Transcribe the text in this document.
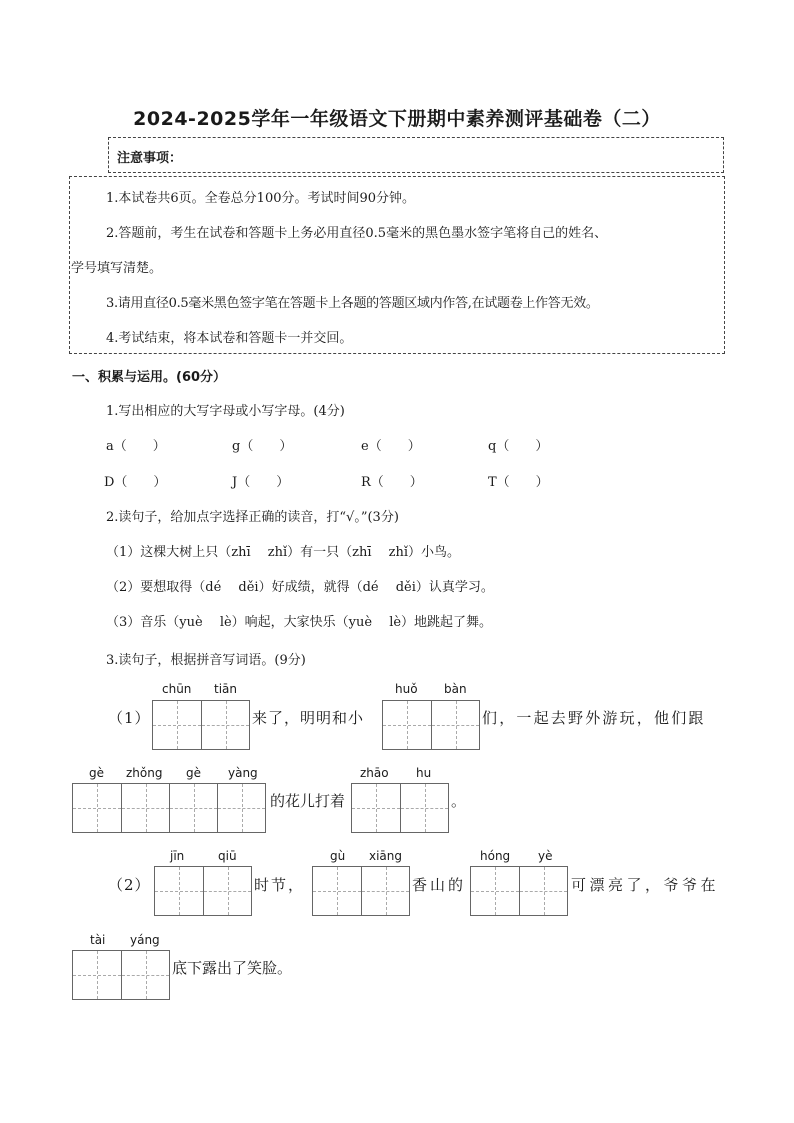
2024-2025学年一年级语文下册期中素养测评基础卷（二）
注意事项：
1.本试卷共6页。全卷总分100分。考试时间90分钟。
2.答题前，考生在试卷和答题卡上务必用直径0.5毫米的黑色墨水签字笔将自己的姓名、
学号填写清楚。
3.请用直径0.5毫米黑色签字笔在答题卡上各题的答题区域内作答,在试题卷上作答无效。
4.考试结束，将本试卷和答题卡一并交回。
一、积累与运用。(60分）
1.写出相应的大写字母或小写字母。(4分)
a（　　）	g（　　）	e（　　）	q（　　）
D（　　）	J（　　）	R（　　）	T（　　）
2.读句子，给加点字选择正确的读音，打“√。”(3分)
（1）这棵大树上只（zhī　 zhǐ）有一只（zhī　 zhǐ）小鸟。
（2）要想取得（dé　 děi）好成绩，就得（dé　 děi）认真学习。
（3）音乐（yuè　 lè）响起，大家快乐（yuè　 lè）地跳起了舞。
3.读句子，根据拼音写词语。(9分)
（1）
chūn tiān
来了，明明和小
huǒ bàn
们，一起去野外游玩，他们跟
gè zhǒng gè yàng
的花儿打着
zhāo hu
。
（2）
jīn	qiū
时节，
gù xiāng
香山的
hóng yè
可漂亮了，爷爷在
tài yáng
底下露出了笑脸。
